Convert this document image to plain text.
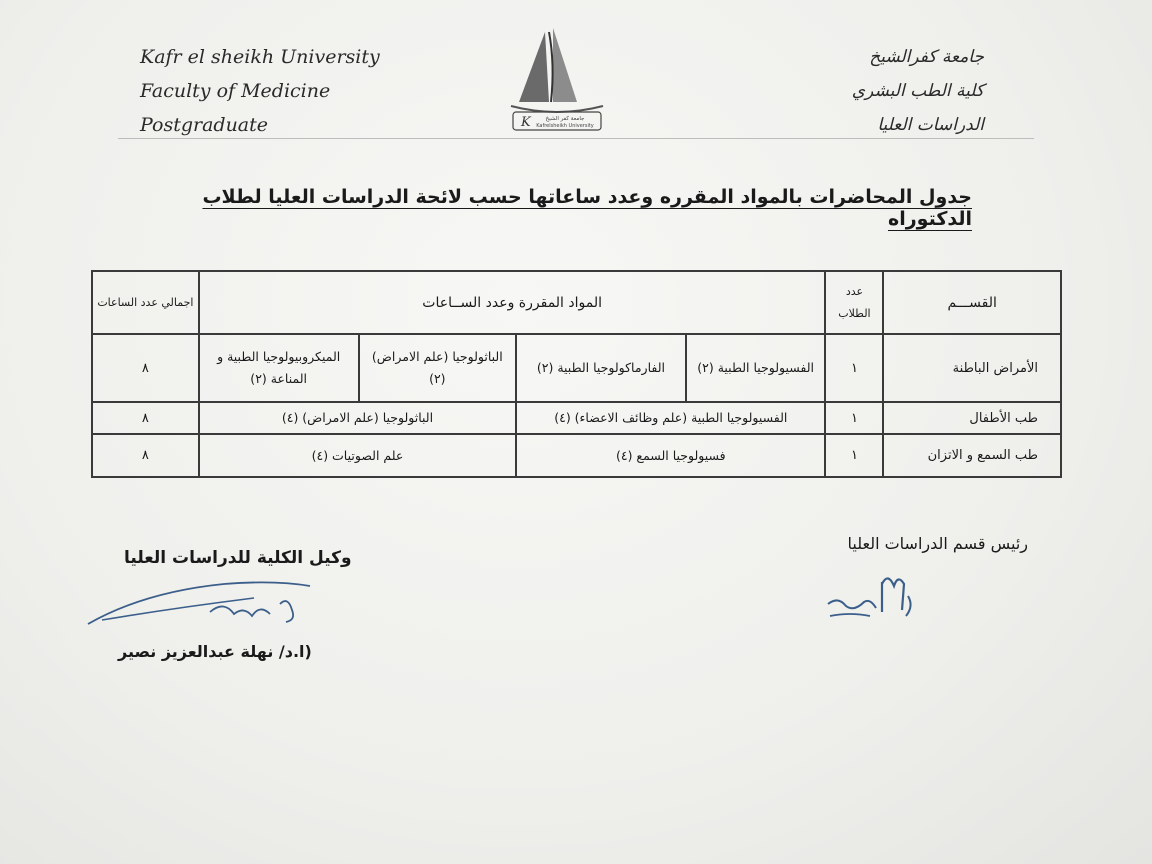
Kafr el sheikh University
Faculty of Medicine
Postgraduate	K	جامعة كفر الشيخ
Kafrelsheikh University
جامعة كفرالشيخ
كلية الطب البشري
الدراسات العليا
جدول المحاضرات بالمواد المقرره وعدد ساعاتها حسب لائحة الدراسات العليا لطلاب الدكتوراه
القســـم	عدد الطلاب	المواد المقررة وعدد الســاعات				اجمالي عدد الساعات
الأمراض الباطنة	١	الفسيولوجيا الطبية (٢)	الفارماكولوجيا الطبية (٢)	الباثولوجيا (علم الامراض) (٢)	الميكروبيولوجيا الطبية و المناعة (٢)	٨
طب الأطفال	١	الفسيولوجيا الطبية (علم وظائف الاعضاء) (٤)		الباثولوجيا (علم الامراض) (٤)		٨
طب السمع و الاتزان	١	فسيولوجيا السمع (٤)		علم الصوتيات (٤)		٨
رئيس قسم الدراسات العليا
وكيل الكلية للدراسات العليا
(ا.د/ نهلة عبدالعزيز نصير
